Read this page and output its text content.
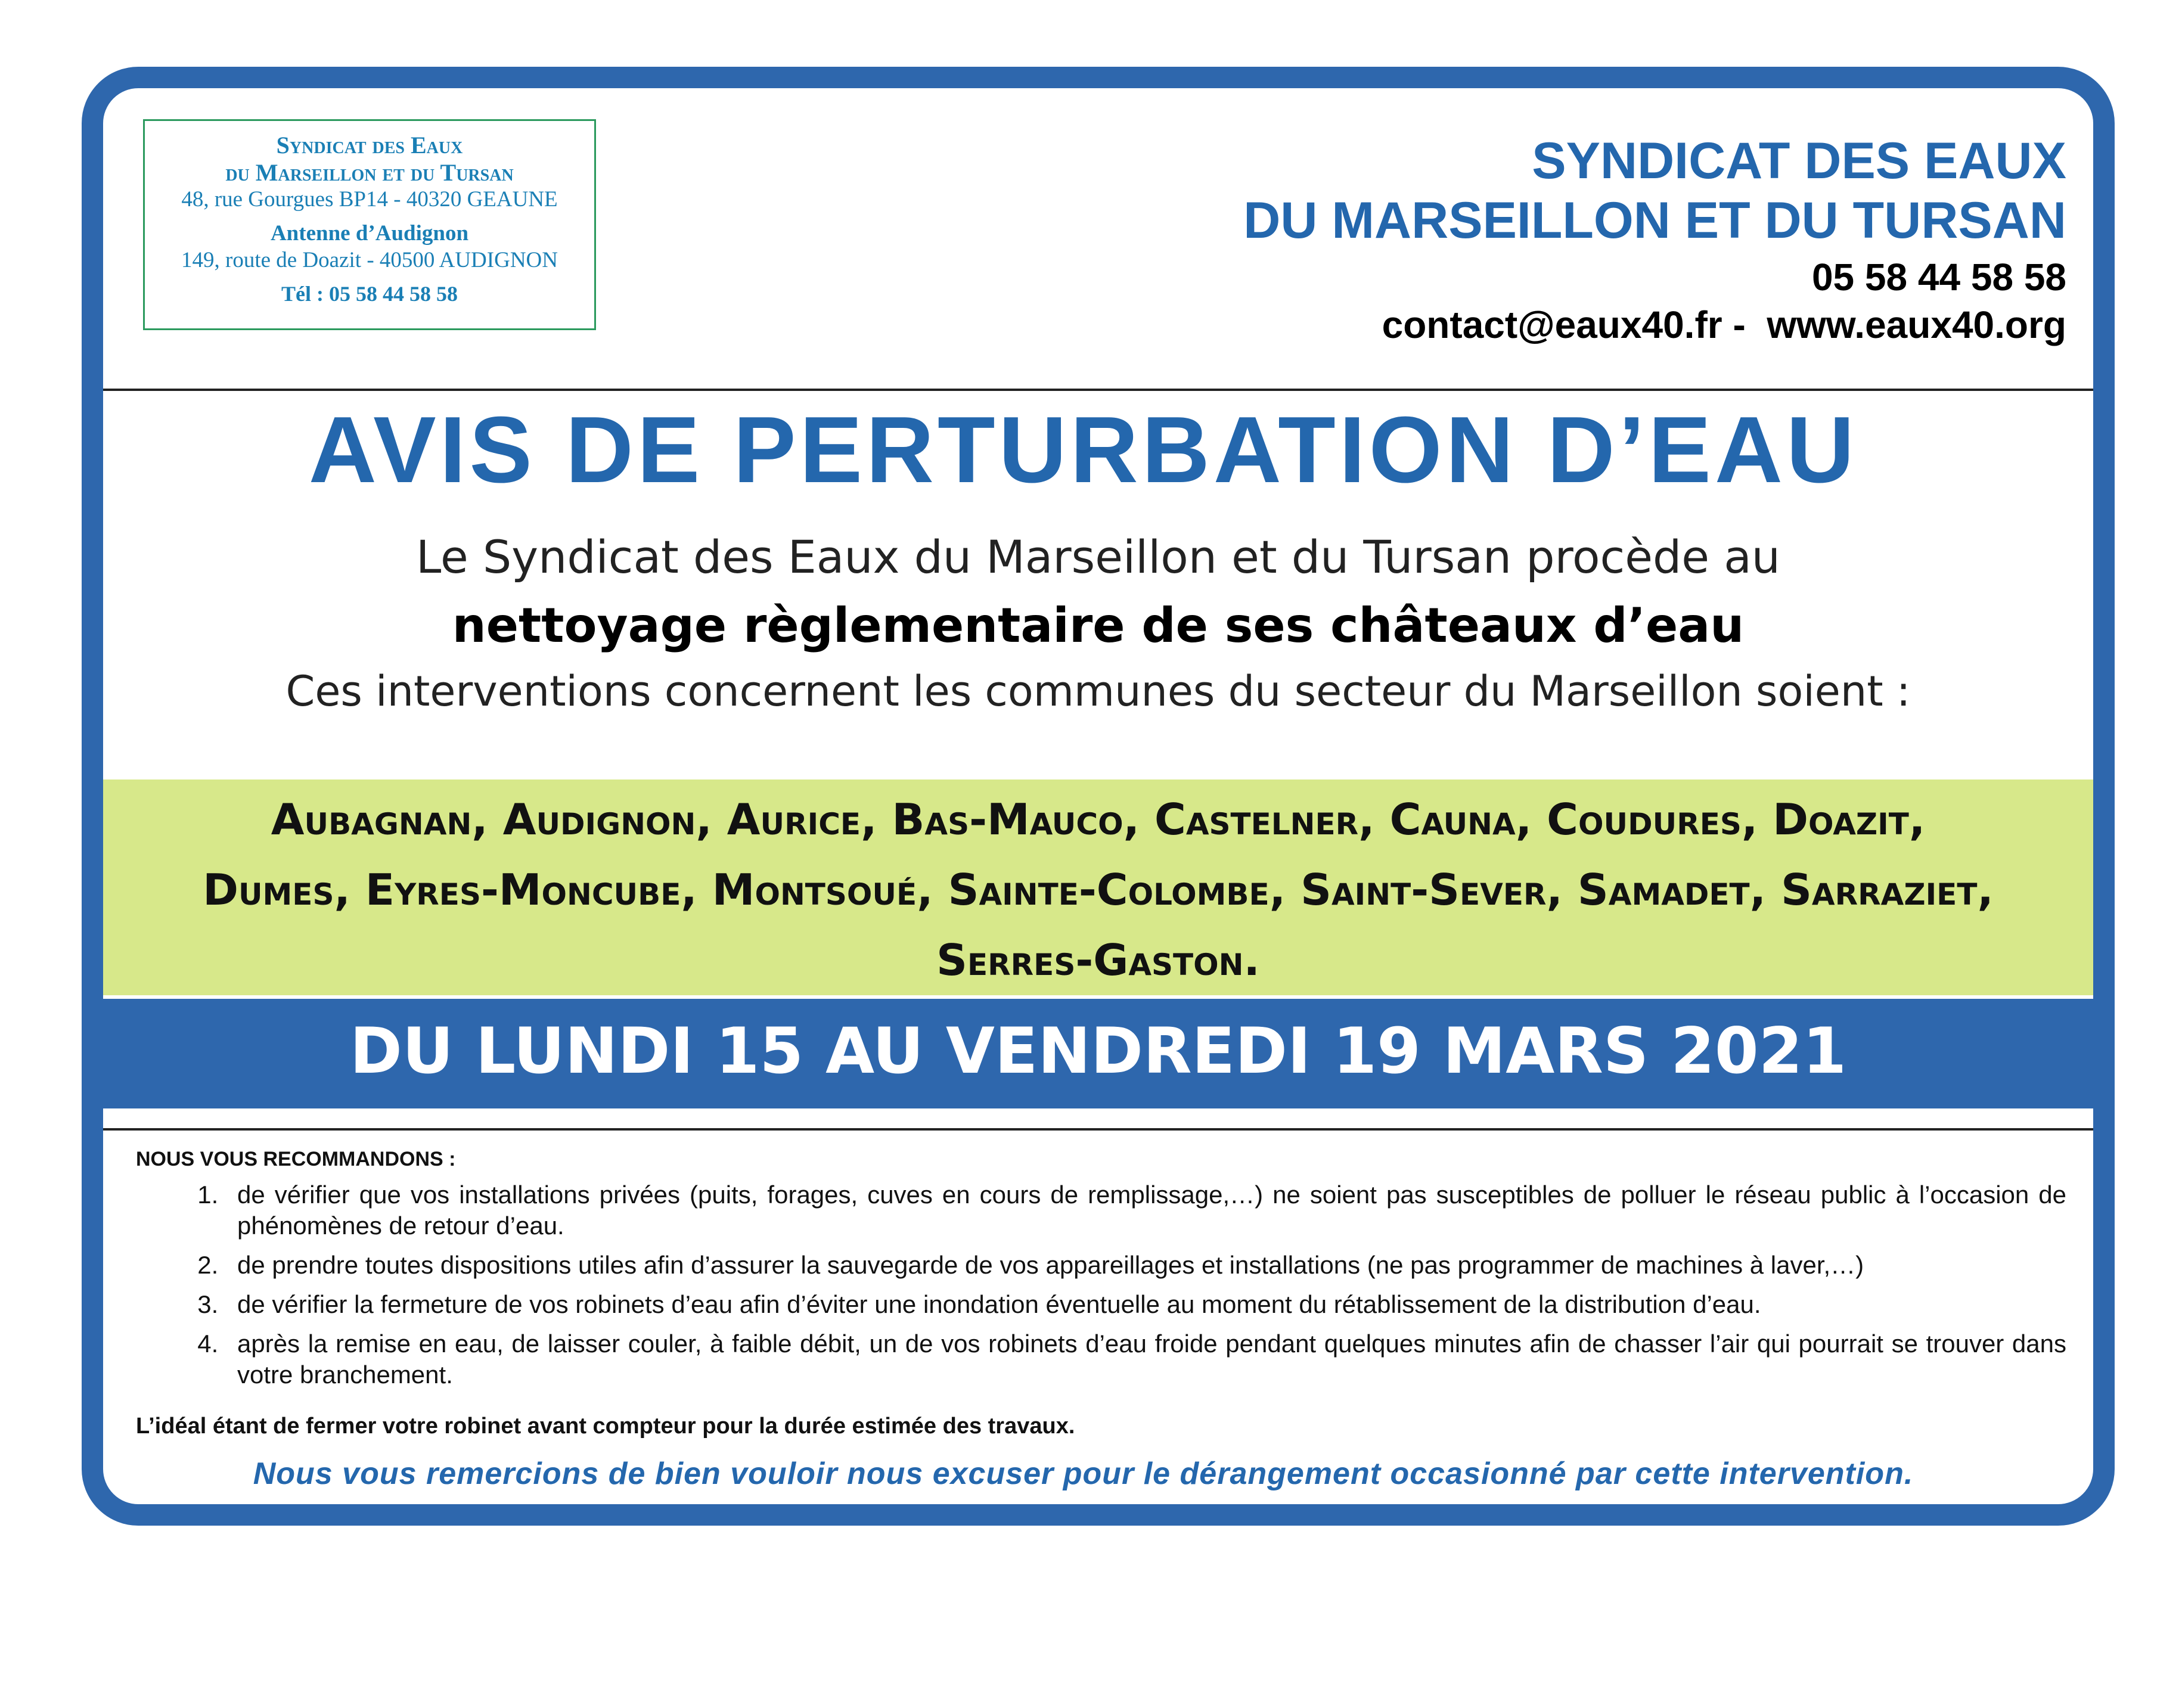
Syndicat des Eaux
du Marseillon et du Tursan
48, rue Gourgues BP14 - 40320 GEAUNE
Antenne d’Audignon
149, route de Doazit - 40500 AUDIGNON
Tél : 05 58 44 58 58
SYNDICAT DES EAUX
DU MARSEILLON ET DU TURSAN
05 58 44 58 58
contact@eaux40.fr -  www.eaux40.org
AVIS DE PERTURBATION D’EAU
Le Syndicat des Eaux du Marseillon et du Tursan procède au
nettoyage règlementaire de ses châteaux d’eau
Ces interventions concernent les communes du secteur du Marseillon soient :
Aubagnan, Audignon, Aurice, Bas-Mauco, Castelner, Cauna, Coudures, Doazit,
Dumes, Eyres-Moncube, Montsoué, Sainte-Colombe, Saint-Sever, Samadet, Sarraziet,
Serres-Gaston.
DU LUNDI 15 AU VENDREDI 19 MARS 2021
NOUS VOUS RECOMMANDONS :
1. de vérifier que vos installations privées (puits, forages, cuves en cours de remplissage,…) ne soient pas susceptibles de polluer le réseau public à l’occasion de phénomènes de retour d’eau.
2. de prendre toutes dispositions utiles afin d’assurer la sauvegarde de vos appareillages et installations (ne pas programmer de machines à laver,…)
3. de vérifier la fermeture de vos robinets d’eau afin d’éviter une inondation éventuelle au moment du rétablissement de la distribution d’eau.
4. après la remise en eau, de laisser couler, à faible débit, un de vos robinets d’eau froide pendant quelques minutes afin de chasser l’air qui pourrait se trouver dans votre branchement.
L’idéal étant de fermer votre robinet avant compteur pour la durée estimée des travaux.
Nous vous remercions de bien vouloir nous excuser pour le dérangement occasionné par cette intervention.
